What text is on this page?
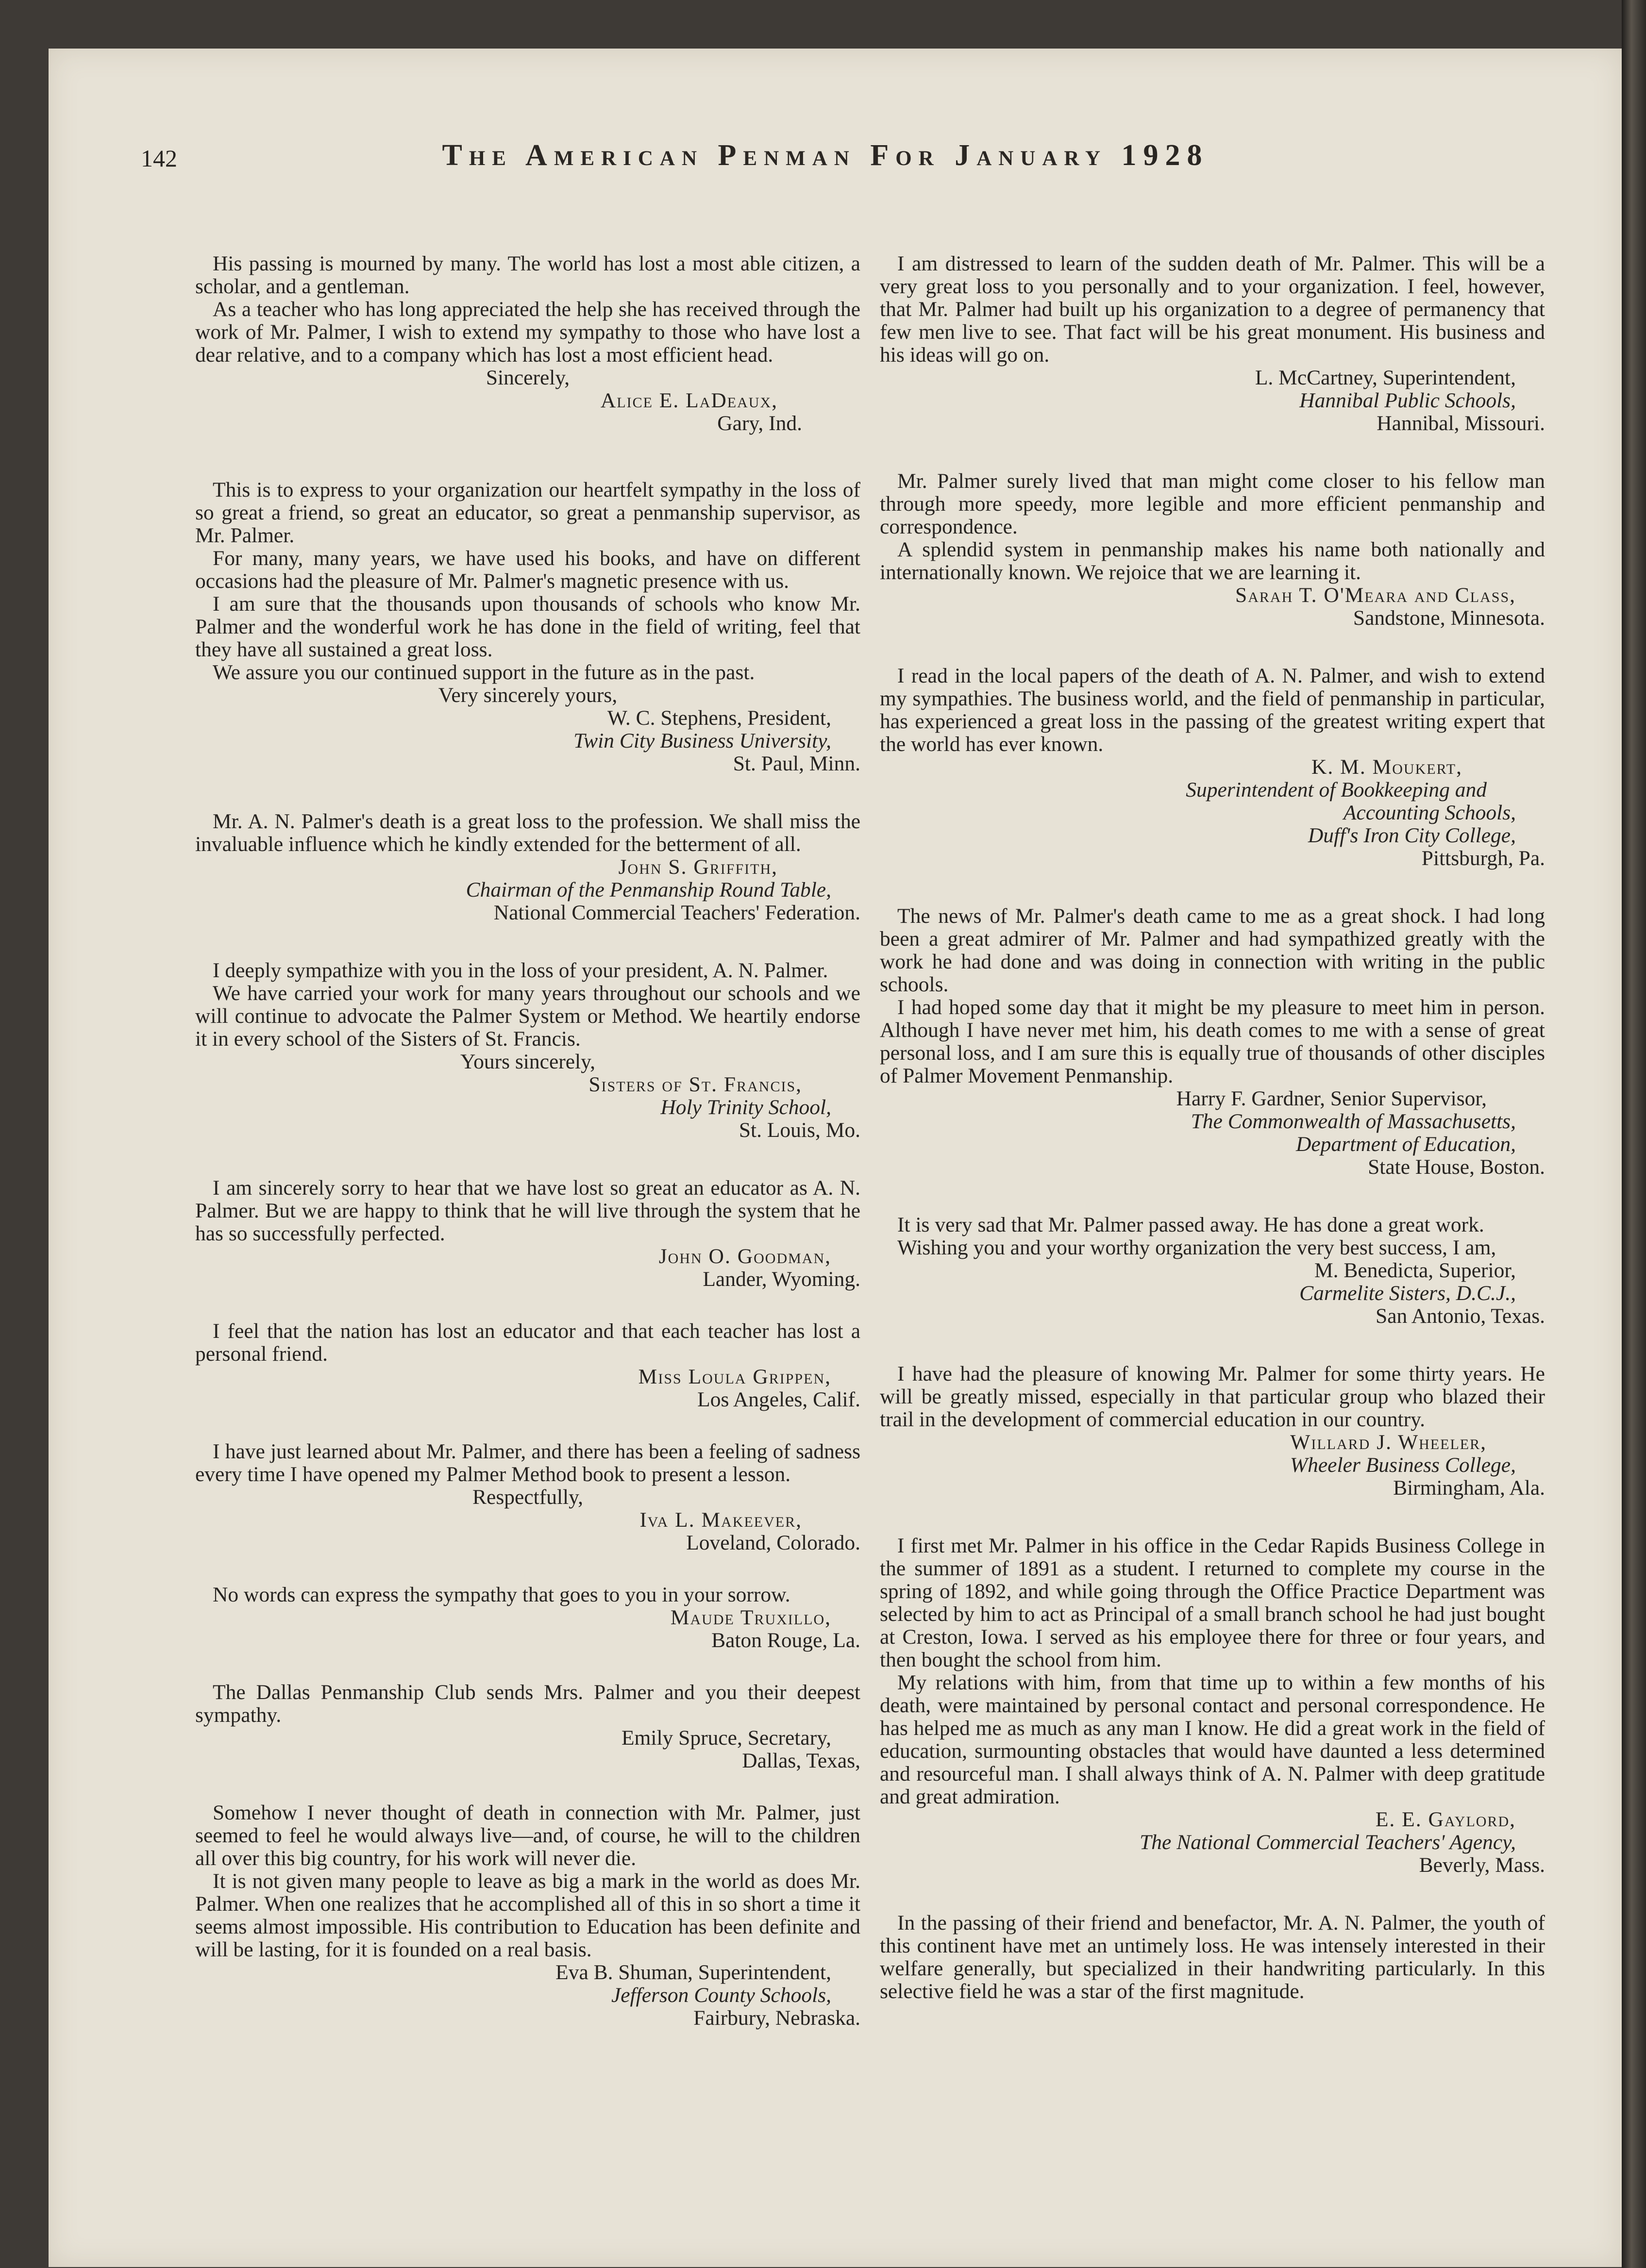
142	The American Penman For January 1928

His passing is mourned by many. The world has lost a most able citizen, a scholar, and a gentleman.

As a teacher who has long appreciated the help she has received through the work of Mr. Palmer, I wish to extend my sympathy to those who have lost a dear relative, and to a company which has lost a most efficient head.

Sincerely,
Alice E. LaDeaux,
Gary, Ind.

This is to express to your organization our heartfelt sympathy in the loss of so great a friend, so great an educator, so great a penmanship supervisor, as Mr. Palmer.

For many, many years, we have used his books, and have on different occasions had the pleasure of Mr. Palmer's magnetic presence with us.

I am sure that the thousands upon thousands of schools who know Mr. Palmer and the wonderful work he has done in the field of writing, feel that they have all sustained a great loss.

We assure you our continued support in the future as in the past.

Very sincerely yours,
W. C. Stephens, President,
Twin City Business University,
St. Paul, Minn.

Mr. A. N. Palmer's death is a great loss to the profession. We shall miss the invaluable influence which he kindly extended for the betterment of all.

John S. Griffith,
Chairman of the Penmanship Round Table,
National Commercial Teachers' Federation.

I deeply sympathize with you in the loss of your president, A. N. Palmer.

We have carried your work for many years throughout our schools and we will continue to advocate the Palmer System or Method. We heartily endorse it in every school of the Sisters of St. Francis.

Yours sincerely,
Sisters of St. Francis,
Holy Trinity School,
St. Louis, Mo.

I am sincerely sorry to hear that we have lost so great an educator as A. N. Palmer. But we are happy to think that he will live through the system that he has so successfully perfected.

John O. Goodman,
Lander, Wyoming.

I feel that the nation has lost an educator and that each teacher has lost a personal friend.

Miss Loula Grippen,
Los Angeles, Calif.

I have just learned about Mr. Palmer, and there has been a feeling of sadness every time I have opened my Palmer Method book to present a lesson.

Respectfully,
Iva L. Makeever,
Loveland, Colorado.

No words can express the sympathy that goes to you in your sorrow.

Maude Truxillo,
Baton Rouge, La.

The Dallas Penmanship Club sends Mrs. Palmer and you their deepest sympathy.

Emily Spruce, Secretary,
Dallas, Texas,

Somehow I never thought of death in connection with Mr. Palmer, just seemed to feel he would always live—and, of course, he will to the children all over this big country, for his work will never die.

It is not given many people to leave as big a mark in the world as does Mr. Palmer. When one realizes that he accomplished all of this in so short a time it seems almost impossible. His contribution to Education has been definite and will be lasting, for it is founded on a real basis.

Eva B. Shuman, Superintendent,
Jefferson County Schools,
Fairbury, Nebraska.

I am distressed to learn of the sudden death of Mr. Palmer. This will be a very great loss to you personally and to your organization. I feel, however, that Mr. Palmer had built up his organization to a degree of permanency that few men live to see. That fact will be his great monument. His business and his ideas will go on.

L. McCartney, Superintendent,
Hannibal Public Schools,
Hannibal, Missouri.

Mr. Palmer surely lived that man might come closer to his fellow man through more speedy, more legible and more efficient penmanship and correspondence.

A splendid system in penmanship makes his name both nationally and internationally known. We rejoice that we are learning it.

Sarah T. O'Meara and Class,
Sandstone, Minnesota.

I read in the local papers of the death of A. N. Palmer, and wish to extend my sympathies. The business world, and the field of penmanship in particular, has experienced a great loss in the passing of the greatest writing expert that the world has ever known.

K. M. Moukert,
Superintendent of Bookkeeping and
Accounting Schools,
Duff's Iron City College,
Pittsburgh, Pa.

The news of Mr. Palmer's death came to me as a great shock. I had long been a great admirer of Mr. Palmer and had sympathized greatly with the work he had done and was doing in connection with writing in the public schools.

I had hoped some day that it might be my pleasure to meet him in person. Although I have never met him, his death comes to me with a sense of great personal loss, and I am sure this is equally true of thousands of other disciples of Palmer Movement Penmanship.

Harry F. Gardner, Senior Supervisor,
The Commonwealth of Massachusetts,
Department of Education,
State House, Boston.

It is very sad that Mr. Palmer passed away. He has done a great work.

Wishing you and your worthy organization the very best success, I am,

M. Benedicta, Superior,
Carmelite Sisters, D.C.J.,
San Antonio, Texas.

I have had the pleasure of knowing Mr. Palmer for some thirty years. He will be greatly missed, especially in that particular group who blazed their trail in the development of commercial education in our country.

Willard J. Wheeler,
Wheeler Business College,
Birmingham, Ala.

I first met Mr. Palmer in his office in the Cedar Rapids Business College in the summer of 1891 as a student. I returned to complete my course in the spring of 1892, and while going through the Office Practice Department was selected by him to act as Principal of a small branch school he had just bought at Creston, Iowa. I served as his employee there for three or four years, and then bought the school from him.

My relations with him, from that time up to within a few months of his death, were maintained by personal contact and personal correspondence. He has helped me as much as any man I know. He did a great work in the field of education, surmounting obstacles that would have daunted a less determined and resourceful man. I shall always think of A. N. Palmer with deep gratitude and great admiration.

E. E. Gaylord,
The National Commercial Teachers' Agency,
Beverly, Mass.

In the passing of their friend and benefactor, Mr. A. N. Palmer, the youth of this continent have met an untimely loss. He was intensely interested in their welfare generally, but specialized in their handwriting particularly. In this selective field he was a star of the first magnitude.
